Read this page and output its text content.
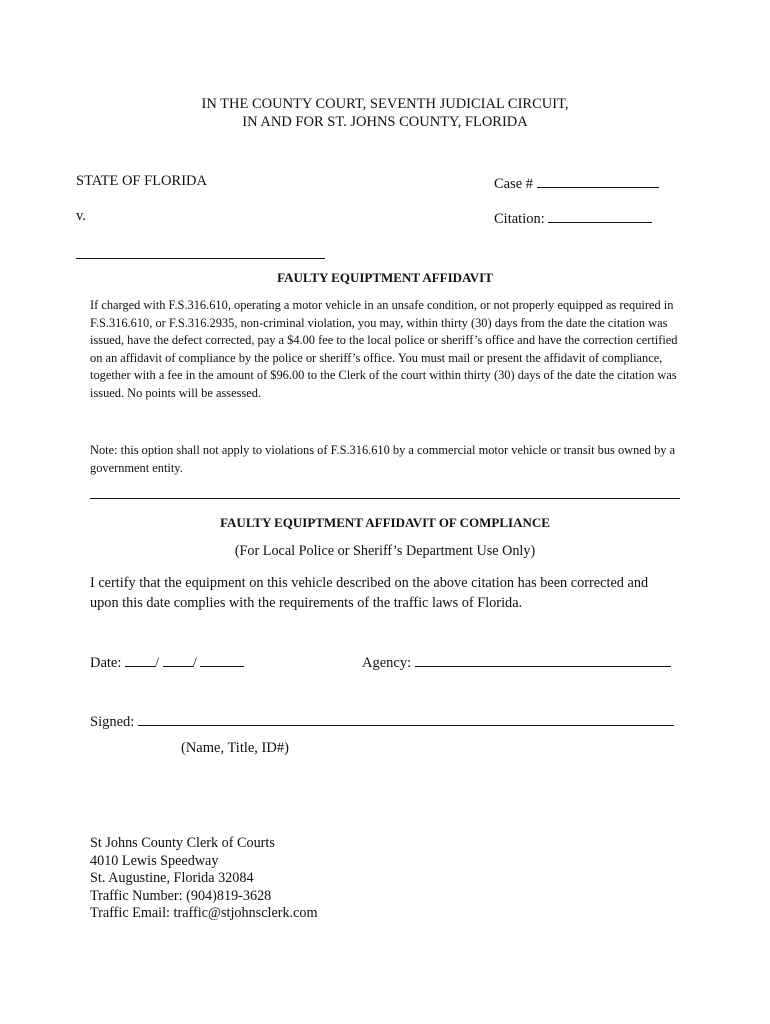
IN THE COUNTY COURT, SEVENTH JUDICIAL CIRCUIT,
IN AND FOR ST. JOHNS COUNTY, FLORIDA
STATE OF FLORIDA	Case #
v.	Citation:
FAULTY EQUIPTMENT AFFIDAVIT
If charged with F.S.316.610, operating a motor vehicle in an unsafe condition, or not properly equipped as required in F.S.316.610, or F.S.316.2935, non-criminal violation, you may, within thirty (30) days from the date the citation was issued, have the defect corrected, pay a $4.00 fee to the local police or sheriff’s office and have the correction certified on an affidavit of compliance by the police or sheriff’s office. You must mail or present the affidavit of compliance, together with a fee in the amount of $96.00 to the Clerk of the court within thirty (30) days of the date the citation was issued. No points will be assessed.
Note: this option shall not apply to violations of F.S.316.610 by a commercial motor vehicle or transit bus owned by a government entity.
FAULTY EQUIPTMENT AFFIDAVIT OF COMPLIANCE
(For Local Police or Sheriff’s Department Use Only)
I certify that the equipment on this vehicle described on the above citation has been corrected and upon this date complies with the requirements of the traffic laws of Florida.
Date: / /	Agency:
Signed:
(Name, Title, ID#)
St Johns County Clerk of Courts
4010 Lewis Speedway
St. Augustine, Florida 32084
Traffic Number: (904)819-3628
Traffic Email: traffic@stjohnsclerk.com
